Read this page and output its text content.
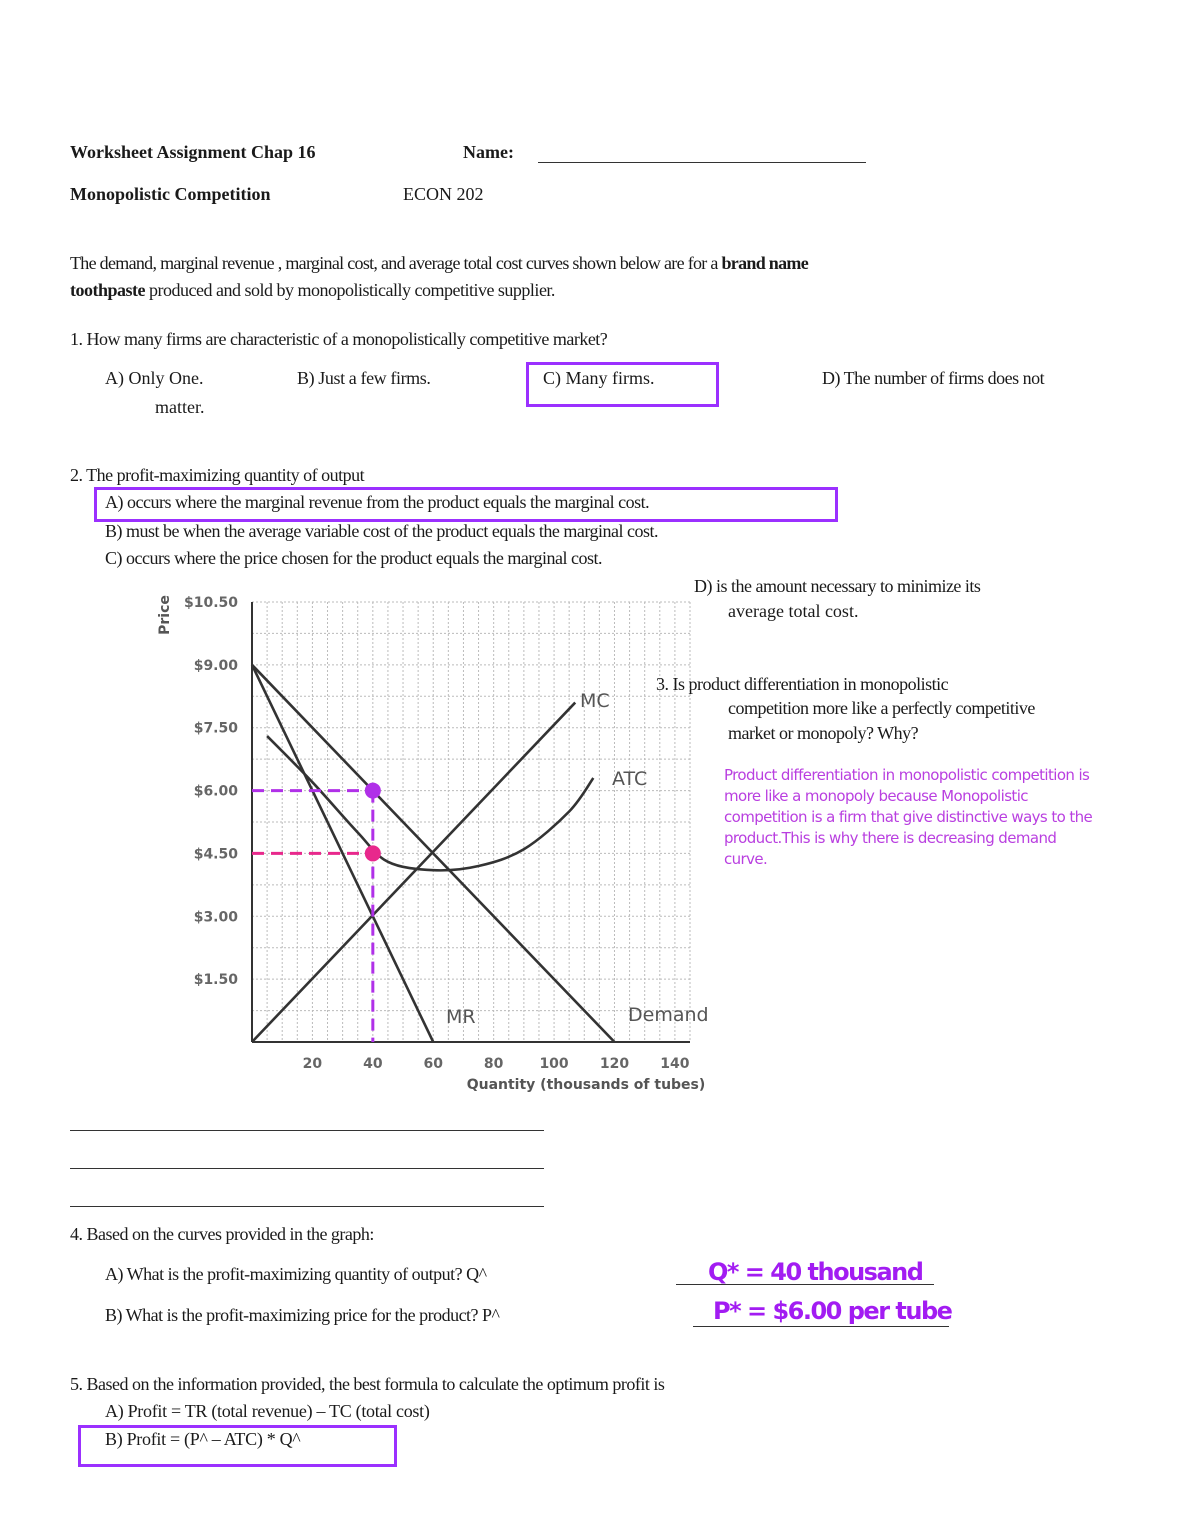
Worksheet Assignment Chap 16	Name:
Monopolistic Competition	ECON 202
The demand, marginal revenue , marginal cost, and average total cost curves shown below are for a brand name
toothpaste produced and sold by monopolistically competitive supplier.
1. How many firms are characteristic of a monopolistically competitive market?
A) Only One.	B) Just a few firms.	C) Many firms.	D) The number of firms does not
matter.
2. The profit-maximizing quantity of output
A) occurs where the marginal revenue from the product equals the marginal cost.
B) must be when the average variable cost of the product equals the marginal cost.
C) occurs where the price chosen for the product equals the marginal cost.
D) is the amount necessary to minimize its
average total cost.
20	40	60	80	100 120 140
$1.50
$3.00
$4.50
$6.00
$7.50
$9.00
$10.50
Price
Quantity (thousands of tubes)
MC
ATC
MR	Demand
3. Is product differentiation in monopolistic
competition more like a perfectly competitive
market or monopoly? Why?
Product differentiation in monopolistic competition is
more like a monopoly because Monopolistic
competition is a firm that give distinctive ways to the
product.This is why there is decreasing demand
curve.
4. Based on the curves provided in the graph:
A) What is the profit-maximizing quantity of output? Q^	Q* = 40 thousand
B) What is the profit-maximizing price for the product? P^	P* = $6.00 per tube
5. Based on the information provided, the best formula to calculate the optimum profit is
A) Profit = TR (total revenue) – TC (total cost)
B) Profit = (P^ – ATC) * Q^
